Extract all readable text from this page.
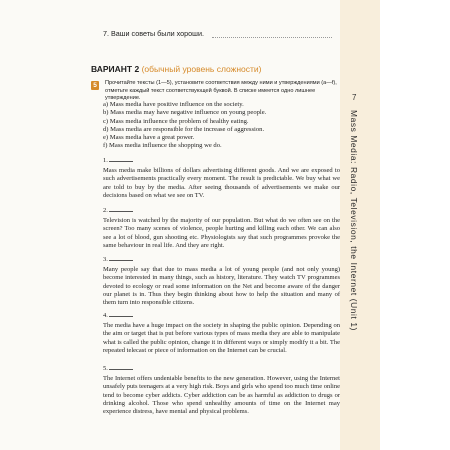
7
Mass Media: Radio, Television, the Internet (Unit 1)
7. Ваши советы были хороши.
ВАРИАНТ 2 (обычный уровень сложности)
5	Прочитайте тексты (1—5), установите соответствия между ними и утверждениями (a—f), отметьте каждый текст соответствующей буквой. В списке имеется одно лишнее утверждение.
a) Mass media have positive influence on the society.
b) Mass media may have negative influence on young people.
c) Mass media influence the problem of healthy eating.
d) Mass media are responsible for the increase of aggression.
e) Mass media have a great power.
f) Mass media influence the shopping we do.
1.
Mass media make billions of dollars advertising different goods. And we are exposed to such advertisements practically every moment. The result is predictable. We buy what we are told to buy by the media. After seeing thousands of advertisements we make our decisions based on what we see on TV.
2.
Television is watched by the majority of our population. But what do we often see on the screen? Too many scenes of violence, people hurting and killing each other. We can also see a lot of blood, gun shooting etc. Physiologists say that such programmes provoke the same behaviour in real life. And they are right.
3.
Many people say that due to mass media a lot of young people (and not only young) become interested in many things, such as history, literature. They watch TV programmes devoted to ecology or read some information on the Net and become aware of the danger our planet is in. Thus they begin thinking about how to help the situation and many of them turn into responsible citizens.
4.
The media have a huge impact on the society in shaping the public opinion. Depending on the aim or target that is put before various types of mass media they are able to manipulate what is called the public opinion, change it in different ways or simply modify it a bit. The repeated telecast or piece of information on the Internet can be crucial.
5.
The Internet offers undeniable benefits to the new generation. However, using the Internet unsafely puts teenagers at a very high risk. Boys and girls who spend too much time online tend to become cyber addicts. Cyber addiction can be as harmful as addiction to drugs or drinking alcohol. Those who spend unhealthy amounts of time on the Internet may experience distress, have mental and physical problems.
